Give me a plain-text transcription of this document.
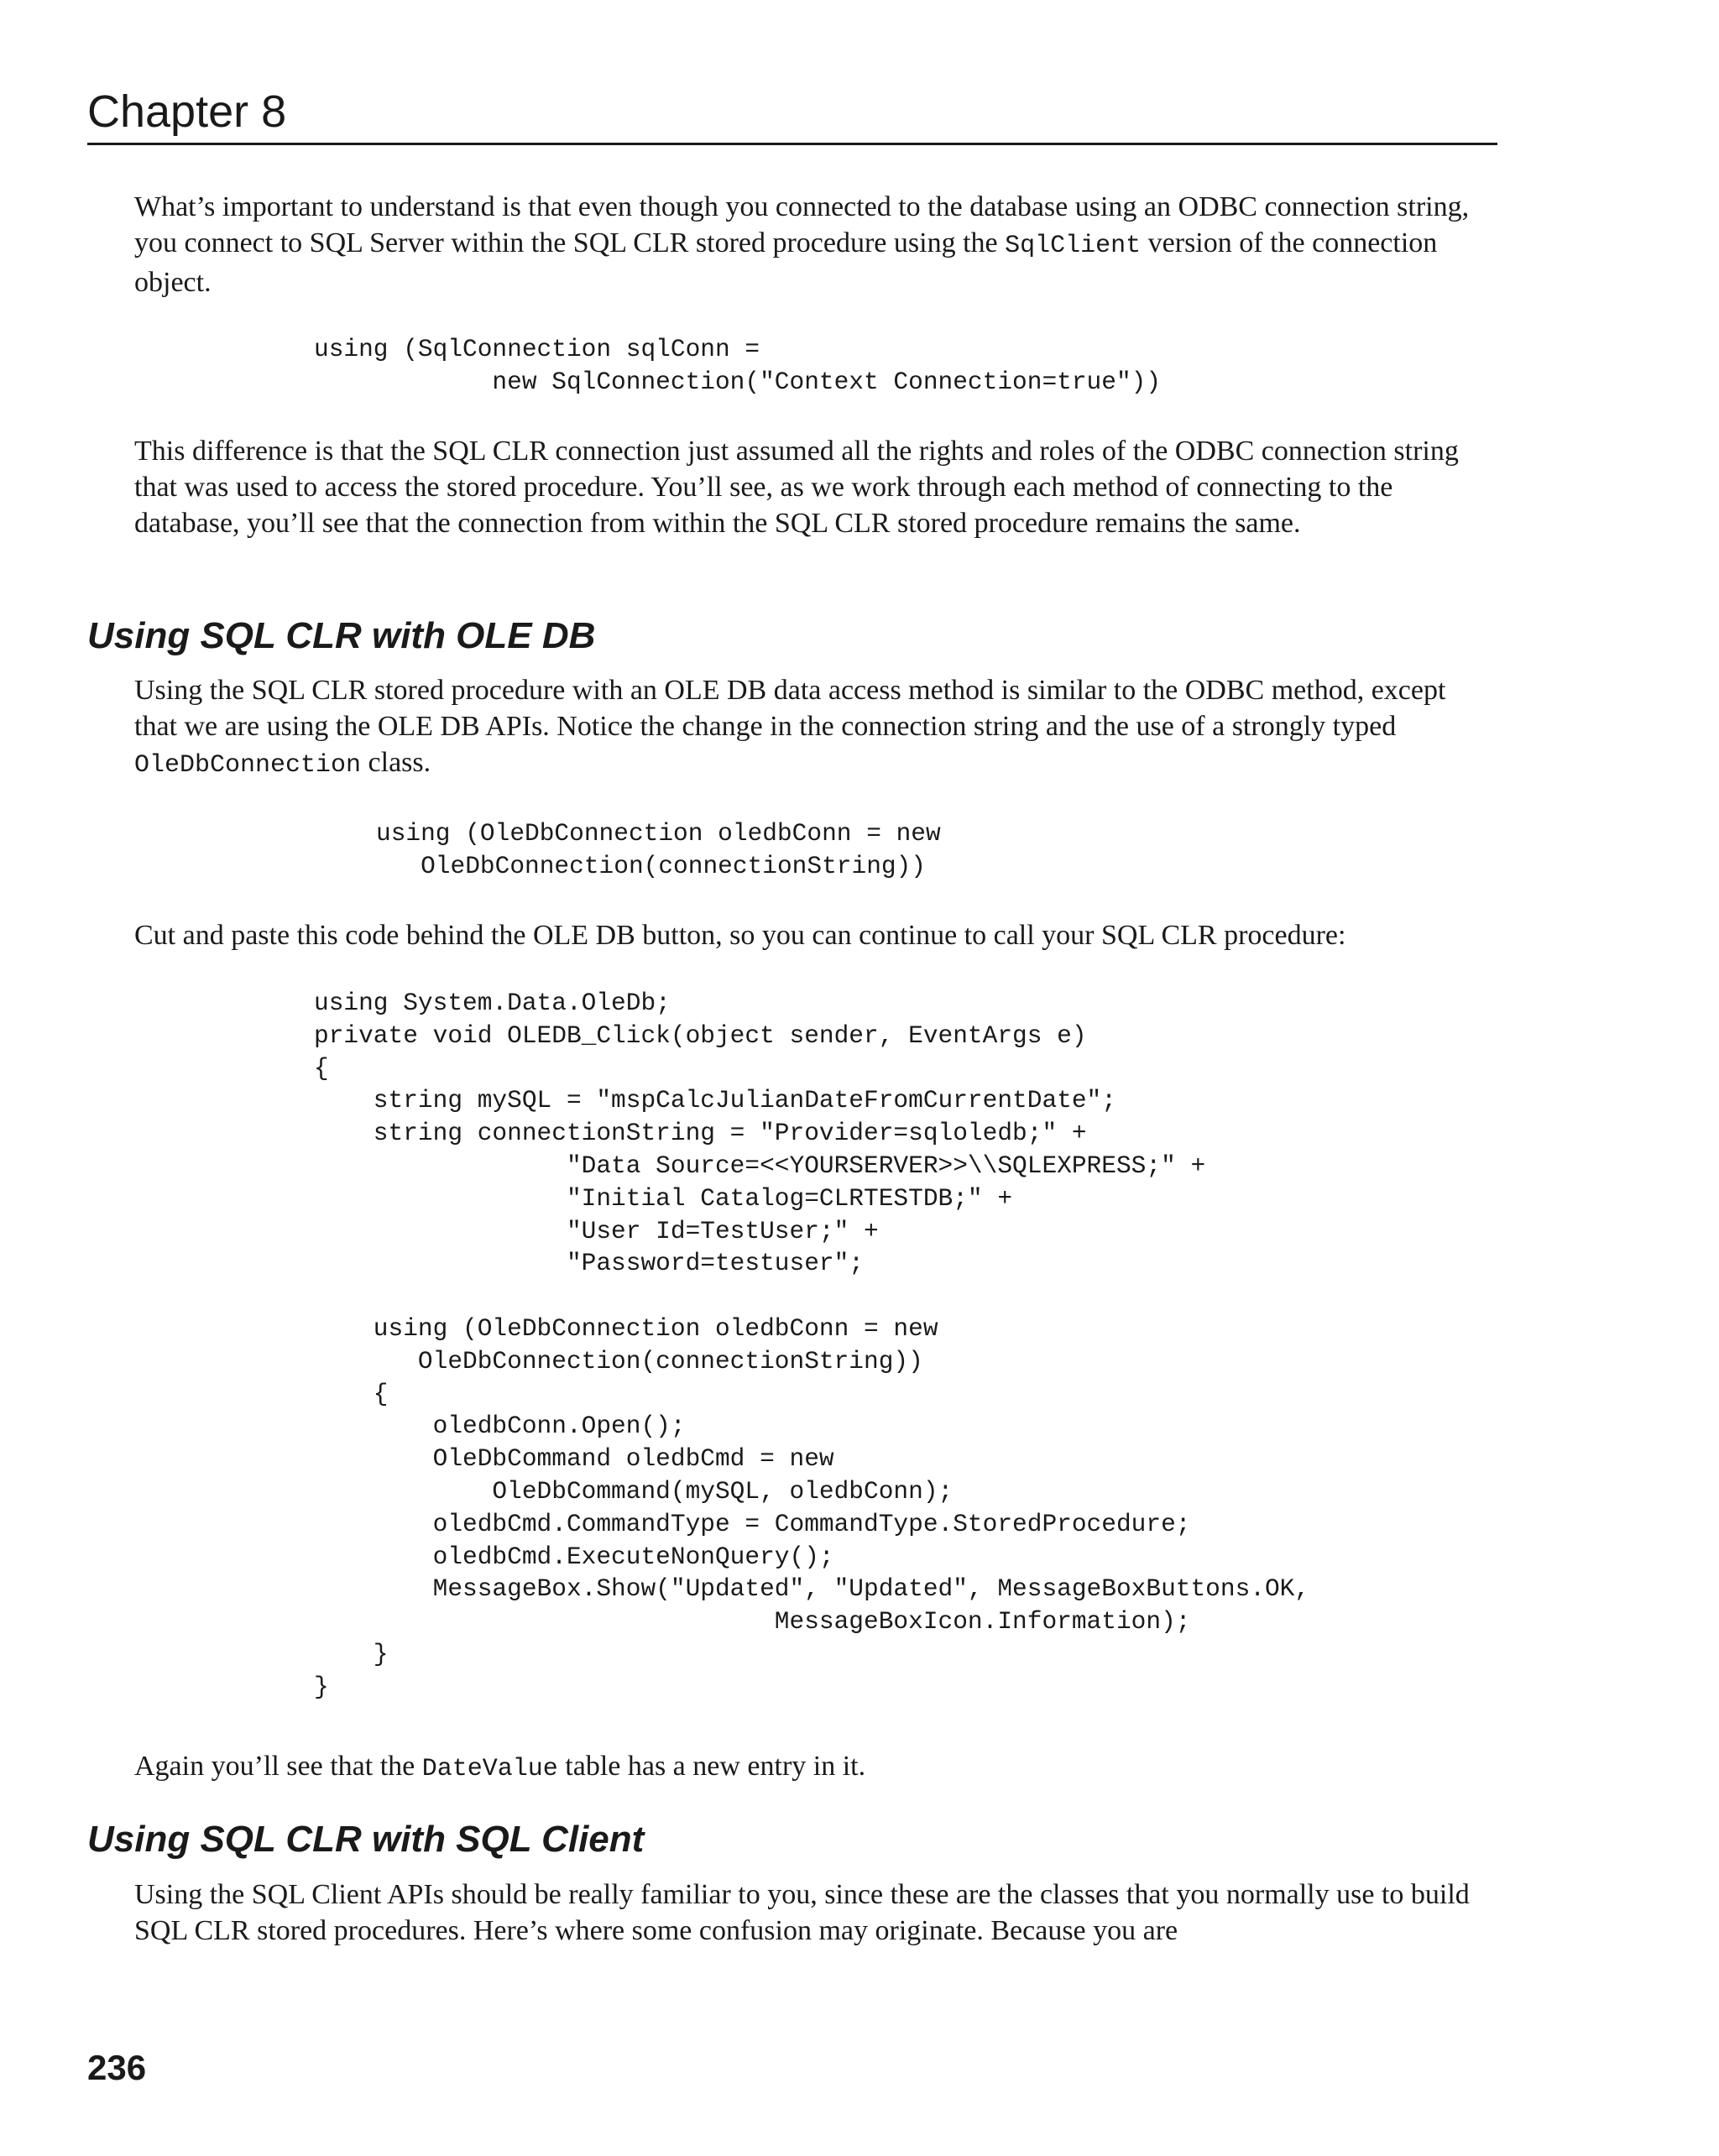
Chapter 8

What’s important to understand is that even though you connected to the database using an ODBC connection string, you connect to SQL Server within the SQL CLR stored procedure using the SqlClient version of the connection object.

using (SqlConnection sqlConn =
new SqlConnection("Context Connection=true"))

This difference is that the SQL CLR connection just assumed all the rights and roles of the ODBC connection string that was used to access the stored procedure. You’ll see, as we work through each method of connecting to the database, you’ll see that the connection from within the SQL CLR stored procedure remains the same.

Using SQL CLR with OLE DB

Using the SQL CLR stored procedure with an OLE DB data access method is similar to the ODBC method, except that we are using the OLE DB APIs. Notice the change in the connection string and the use of a strongly typed OleDbConnection class.

using (OleDbConnection oledbConn = new
OleDbConnection(connectionString))

Cut and paste this code behind the OLE DB button, so you can continue to call your SQL CLR procedure:

using System.Data.OleDb;
private void OLEDB_Click(object sender, EventArgs e)
{
string mySQL = "mspCalcJulianDateFromCurrentDate";
string connectionString = "Provider=sqloledb;" +
"Data Source=<<YOURSERVER>>\\SQLEXPRESS;" +
"Initial Catalog=CLRTESTDB;" +
"User Id=TestUser;" +
"Password=testuser";

using (OleDbConnection oledbConn = new
OleDbConnection(connectionString))
{
oledbConn.Open();
OleDbCommand oledbCmd = new
OleDbCommand(mySQL, oledbConn);
oledbCmd.CommandType = CommandType.StoredProcedure;
oledbCmd.ExecuteNonQuery();
MessageBox.Show("Updated", "Updated", MessageBoxButtons.OK,
MessageBoxIcon.Information);
}
}

Again you’ll see that the DateValue table has a new entry in it.

Using SQL CLR with SQL Client

Using the SQL Client APIs should be really familiar to you, since these are the classes that you normally use to build SQL CLR stored procedures. Here’s where some confusion may originate. Because you are

236
